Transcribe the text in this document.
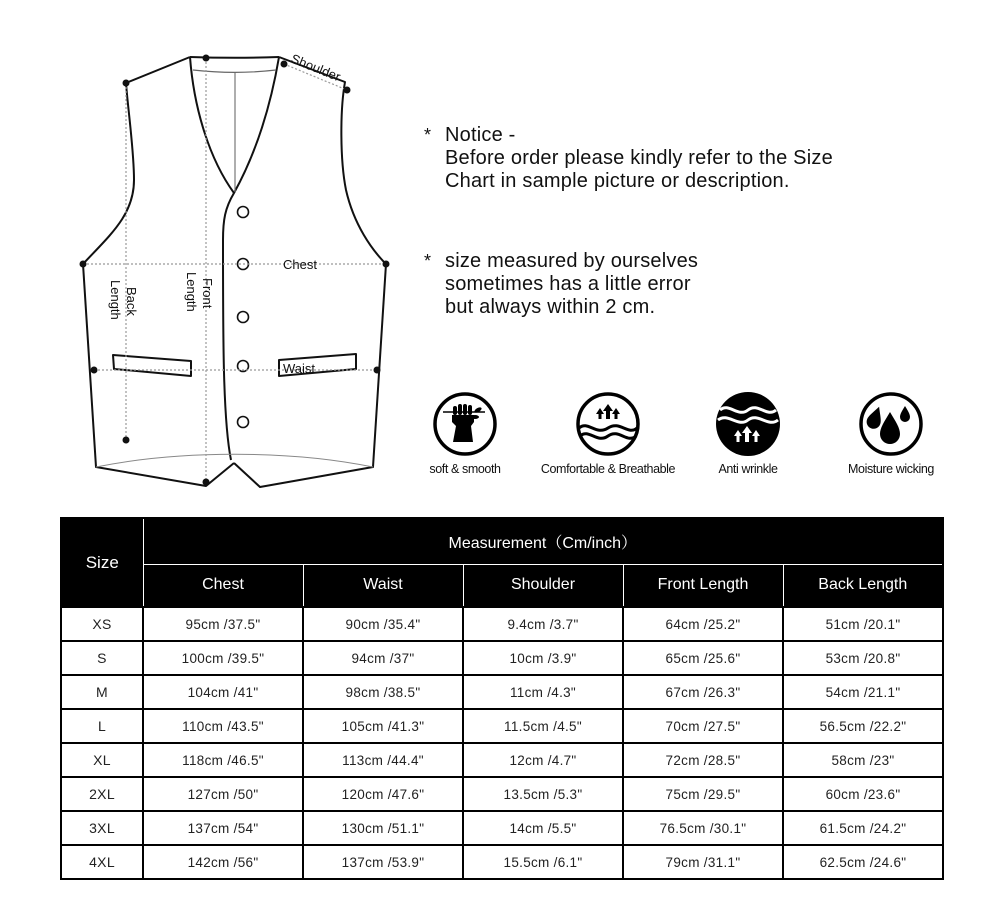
Shoulder
Chest
Waist
Front
Length
Back
Length
* Notice -
Before order please kindly refer to the Size
Chart in sample picture or description.
* size measured by ourselves
sometimes has a little error
but always within 2 cm.
soft & smooth	Comfortable & Breathable	Anti wrinkle	Moisture wicking
Size	Measurement（Cm/inch）				
	Chest	Waist	Shoulder	Front Length	Back Length
XS	95cm /37.5"	90cm /35.4"	9.4cm /3.7"	64cm /25.2"	51cm /20.1"
S	100cm /39.5"	94cm /37"	10cm /3.9"	65cm /25.6"	53cm /20.8"
M	104cm /41"	98cm /38.5"	11cm /4.3"	67cm /26.3"	54cm /21.1"
L	110cm /43.5"	105cm /41.3"	11.5cm /4.5"	70cm /27.5"	56.5cm /22.2"
XL	118cm /46.5"	113cm /44.4"	12cm /4.7"	72cm /28.5"	58cm /23"
2XL	127cm /50"	120cm /47.6"	13.5cm /5.3"	75cm /29.5"	60cm /23.6"
3XL	137cm /54"	130cm /51.1"	14cm /5.5"	76.5cm /30.1"	61.5cm /24.2"
4XL	142cm /56"	137cm /53.9"	15.5cm /6.1"	79cm /31.1"	62.5cm /24.6"
